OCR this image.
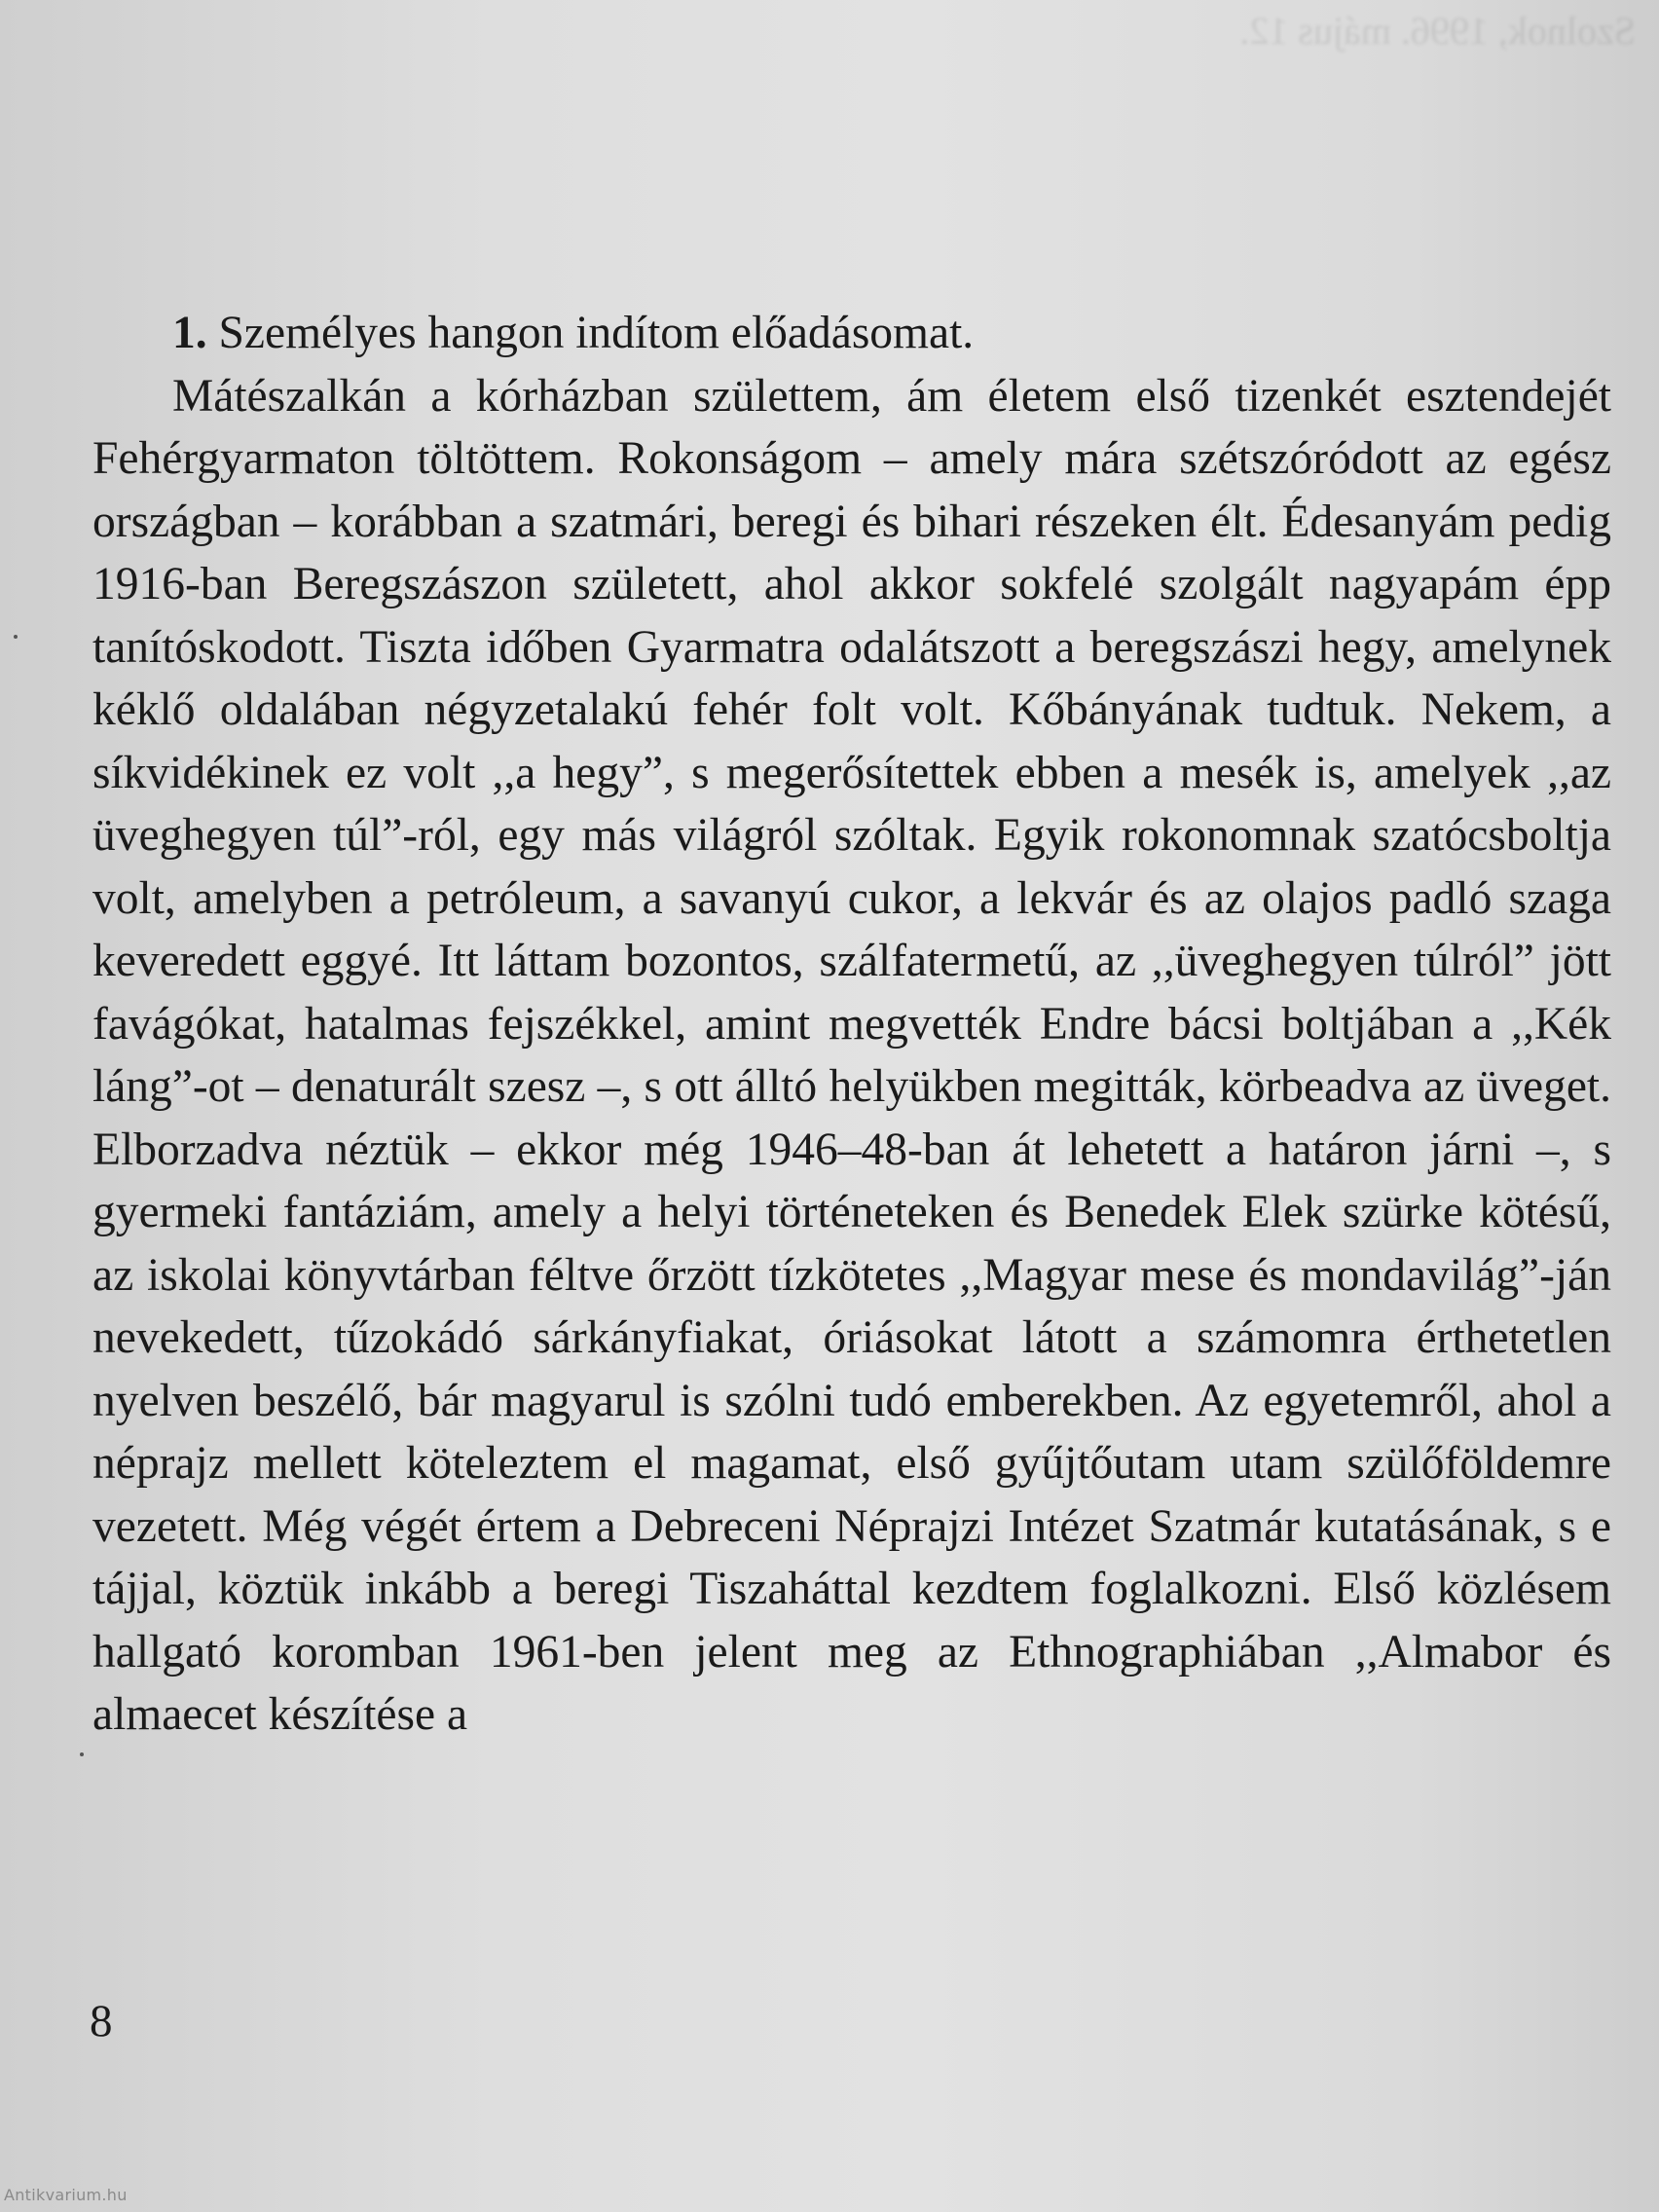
Szolnok, 1996. május 12.

1. Személyes hangon indítom előadásomat.

Mátészalkán a kórházban születtem, ám életem első tizenkét esztendejét Fehérgyarmaton töltöttem. Rokonságom – amely mára szétszóródott az egész országban – korábban a szatmári, beregi és bihari részeken élt. Édesanyám pedig 1916-ban Beregszászon született, ahol akkor sokfelé szolgált nagyapám épp tanítóskodott. Tiszta időben Gyarmatra odalátszott a beregszászi hegy, amelynek kéklő oldalában négyzetalakú fehér folt volt. Kőbányának tudtuk. Nekem, a síkvidékinek ez volt ,,a hegy”, s megerősítettek ebben a mesék is, amelyek ,,az üveghegyen túl”-ról, egy más világról szóltak. Egyik rokonomnak szatócsboltja volt, amelyben a petróleum, a savanyú cukor, a lekvár és az olajos padló szaga keveredett eggyé. Itt láttam bozontos, szálfatermetű, az ,,üveghegyen túlról” jött favágókat, hatalmas fejszékkel, amint megvették Endre bácsi boltjában a ,,Kék láng”-ot – denaturált szesz –, s ott álltó helyükben megitták, körbeadva az üveget. Elborzadva néztük – ekkor még 1946–48-ban át lehetett a határon járni –, s gyermeki fantáziám, amely a helyi történeteken és Benedek Elek szürke kötésű, az iskolai könyvtárban féltve őrzött tízkötetes ,,Magyar mese és mondavilág”-ján nevekedett, tűzokádó sárkányfiakat, óriásokat látott a számomra érthetetlen nyelven beszélő, bár magyarul is szólni tudó emberekben. Az egyetemről, ahol a néprajz mellett köteleztem el magamat, első gyűjtőutam utam szülőföldemre vezetett. Még végét értem a Debreceni Néprajzi Intézet Szatmár kutatásának, s e tájjal, köztük inkább a beregi Tiszaháttal kezdtem foglalkozni. Első közlésem hallgató koromban 1961-ben jelent meg az Ethnographiában ,,Almabor és almaecet készítése a

8
Antikvarium.hu
